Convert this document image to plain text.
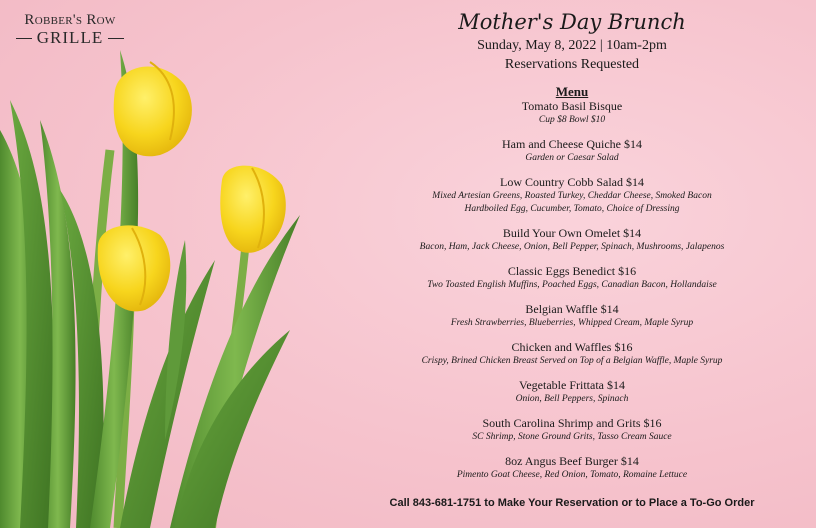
Robber's Row
GRILLE
Mother's Day Brunch
Sunday, May 8, 2022 | 10am-2pm
Reservations Requested
Menu
Tomato Basil Bisque
Cup $8 Bowl $10
Ham and Cheese Quiche $14
Garden or Caesar Salad
Low Country Cobb Salad $14
Mixed Artesian Greens, Roasted Turkey, Cheddar Cheese, Smoked Bacon
Hardboiled Egg, Cucumber, Tomato, Choice of Dressing
Build Your Own Omelet $14
Bacon, Ham, Jack Cheese, Onion, Bell Pepper, Spinach, Mushrooms, Jalapenos
Classic Eggs Benedict $16
Two Toasted English Muffins, Poached Eggs, Canadian Bacon, Hollandaise
Belgian Waffle $14
Fresh Strawberries, Blueberries, Whipped Cream, Maple Syrup
Chicken and Waffles $16
Crispy, Brined Chicken Breast Served on Top of a Belgian Waffle, Maple Syrup
Vegetable Frittata $14
Onion, Bell Peppers, Spinach
South Carolina Shrimp and Grits $16
SC Shrimp, Stone Ground Grits, Tasso Cream Sauce
8oz Angus Beef Burger $14
Pimento Goat Cheese, Red Onion, Tomato, Romaine Lettuce
Call 843-681-1751 to Make Your Reservation or to Place a To-Go Order
